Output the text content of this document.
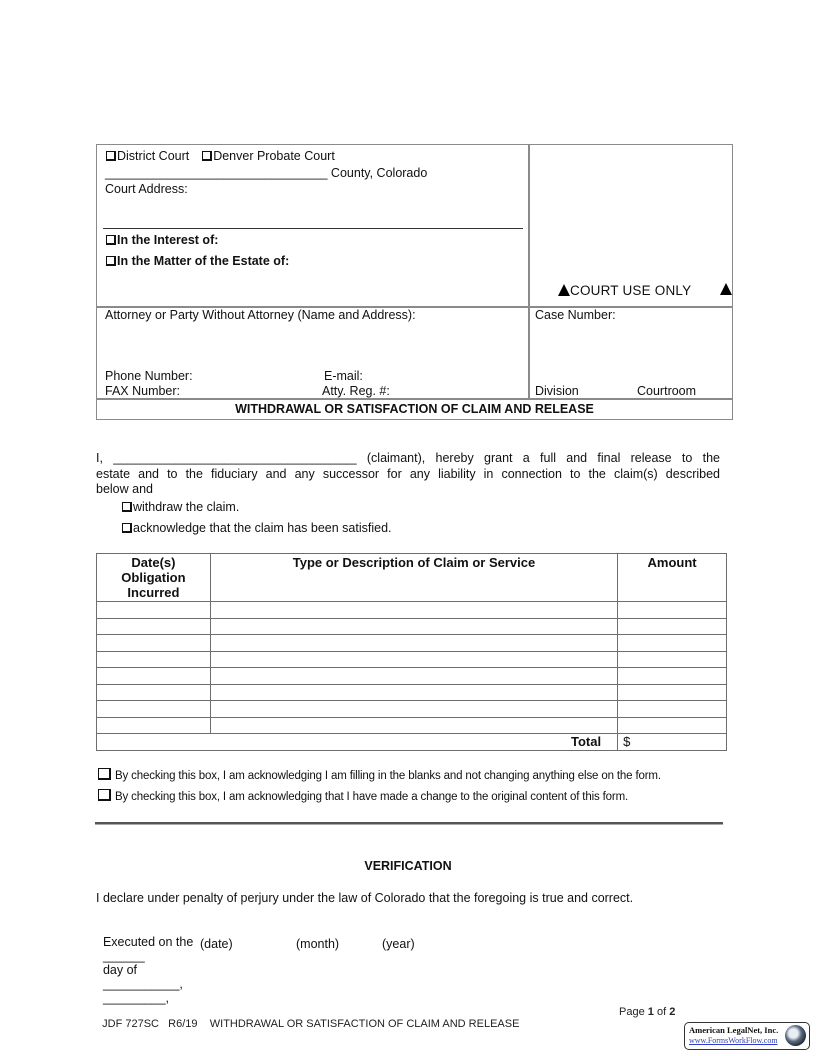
District Court Denver Probate Court
________________________________ County, Colorado
Court Address:
In the Interest of:
In the Matter of the Estate of:
COURT USE ONLY
Attorney or Party Without Attorney (Name and Address):
Phone Number:	E-mail:
FAX Number:	Atty. Reg. #:
Case Number:
Division	Courtroom
WITHDRAWAL OR SATISFACTION OF CLAIM AND RELEASE
I, ___________________________________ (claimant), hereby grant a full and final release to the
estate and to the fiduciary and any successor for any liability in connection to the claim(s) described
below and
withdraw the claim.
acknowledge that the claim has been satisfied.
Date(s)
Obligation
Incurred	Type or Description of Claim or Service	Amount

Total		$
By checking this box, I am acknowledging I am filling in the blanks and not changing anything else on the form.
By checking this box, I am acknowledging that I have made a change to the original content of this form.
VERIFICATION
I declare under penalty of perjury under the law of Colorado that the foregoing is true and correct.

Executed on the
______
day of
___________,
_________,

(date)	(month)	(year)

JDF 727SC R6/19 WITHDRAWAL OR SATISFACTION OF CLAIM AND RELEASE

Page 1 of 2
American LegalNet, Inc.
www.FormsWorkFlow.com
